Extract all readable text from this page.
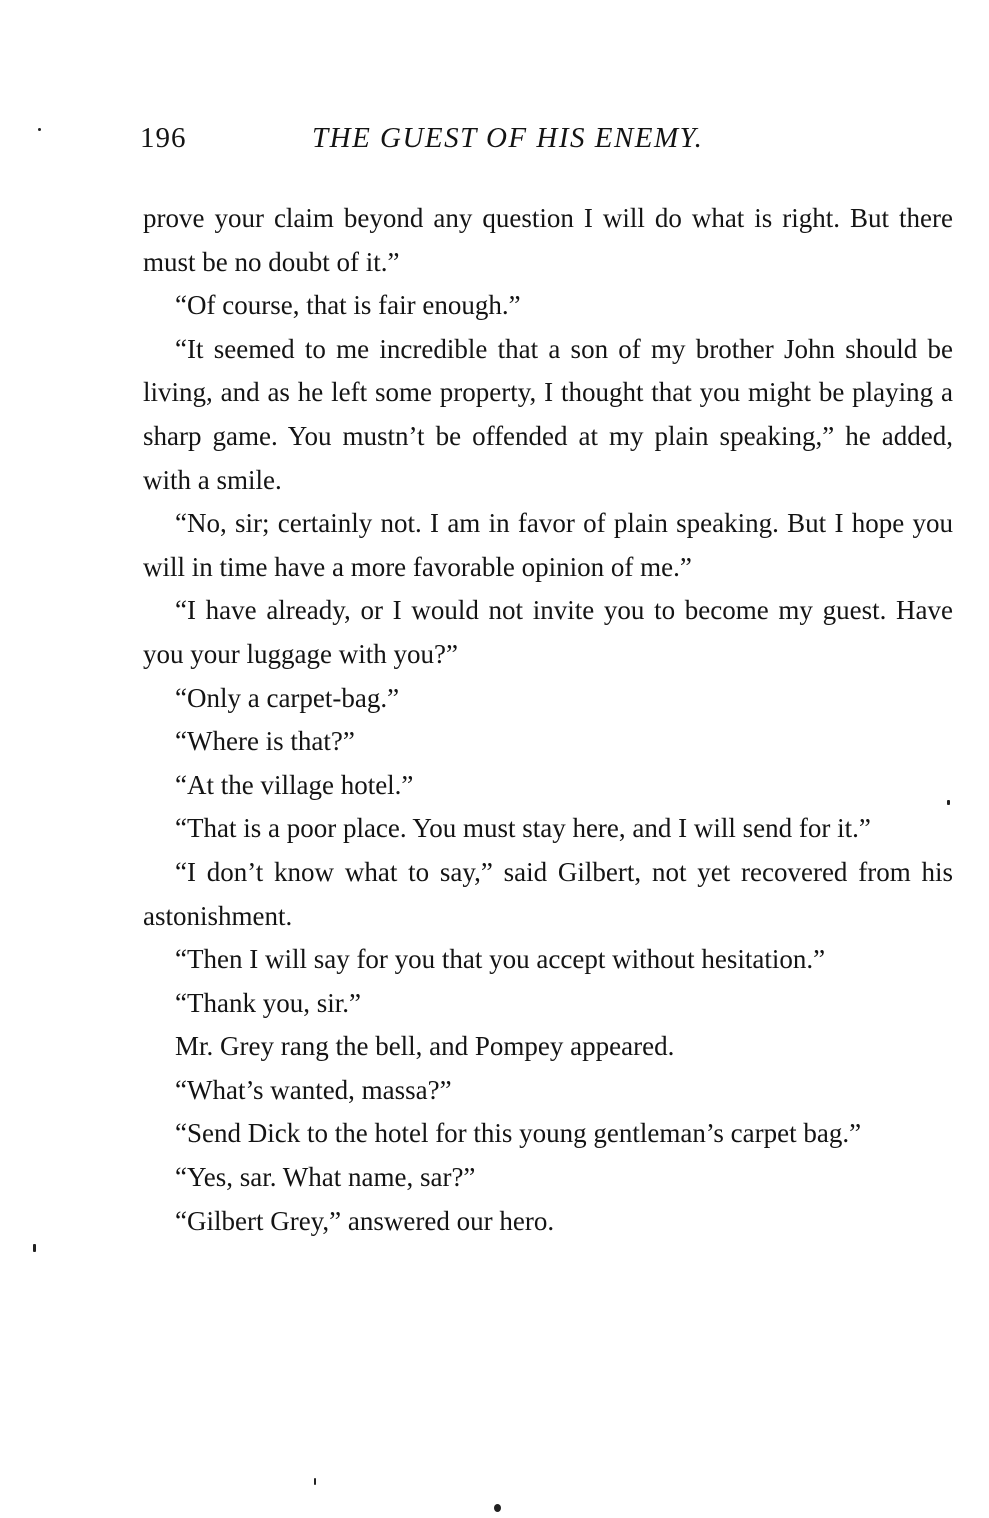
196	THE GUEST OF HIS ENEMY.

prove your claim beyond any question I will do what is right. But there must be no doubt of it.”

“Of course, that is fair enough.”

“It seemed to me incredible that a son of my brother John should be living, and as he left some property, I thought that you might be playing a sharp game. You mustn’t be offended at my plain speaking,” he added, with a smile.

“No, sir; certainly not. I am in favor of plain speaking. But I hope you will in time have a more favorable opinion of me.”

“I have already, or I would not invite you to become my guest. Have you your luggage with you?”

“Only a carpet-bag.”

“Where is that?”

“At the village hotel.”

“That is a poor place. You must stay here, and I will send for it.”

“I don’t know what to say,” said Gilbert, not yet recovered from his astonishment.

“Then I will say for you that you accept without hesitation.”

“Thank you, sir.”

Mr. Grey rang the bell, and Pompey appeared.

“What’s wanted, massa?”

“Send Dick to the hotel for this young gentleman’s carpet bag.”

“Yes, sar. What name, sar?”

“Gilbert Grey,” answered our hero.
